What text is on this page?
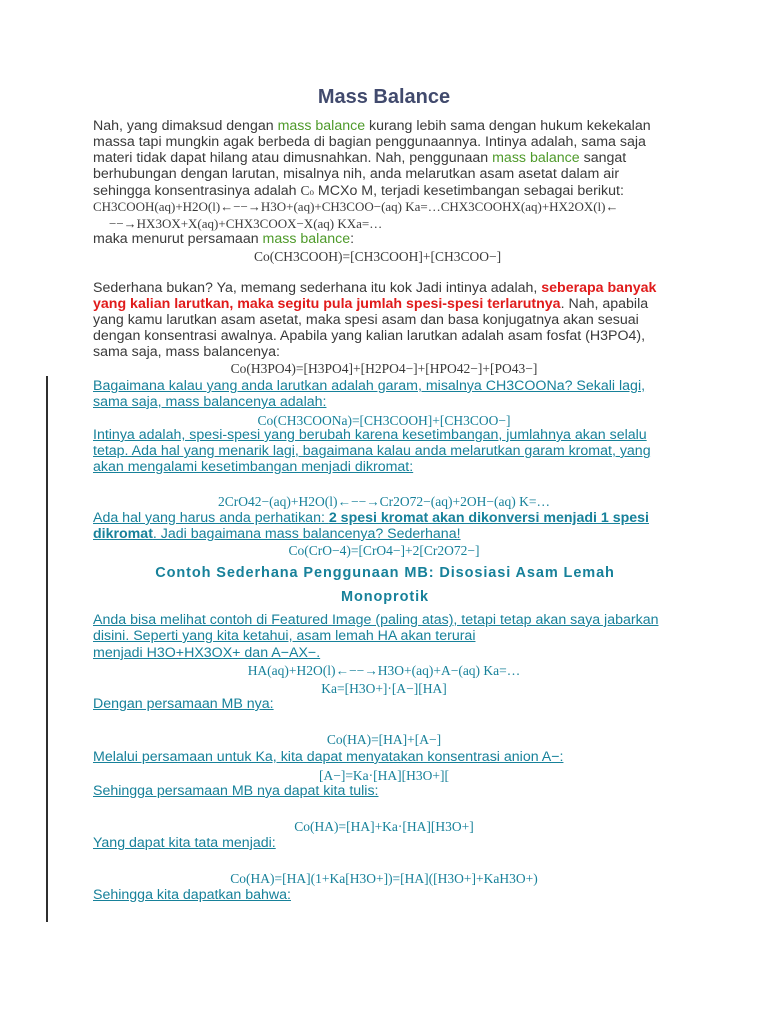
Mass Balance

Nah, yang dimaksud dengan mass balance kurang lebih sama dengan hukum kekekalan massa tapi mungkin agak berbeda di bagian penggunaannya. Intinya adalah, sama saja materi tidak dapat hilang atau dimusnahkan. Nah, penggunaan mass balance sangat berhubungan dengan larutan, misalnya nih, anda melarutkan asam asetat dalam air sehingga konsentrasinya adalah Co MCXo M, terjadi kesetimbangan sebagai berikut:

CH3COOH(aq)+H2O(l)←−−→H3O+(aq)+CH3COO−(aq) Ka=…CHX3COOHX(aq)+HX2OX(l)←
−−→HX3OX+X(aq)+CHX3COOX−X(aq) KXa=…
maka menurut persamaan mass balance:
Co(CH3COOH)=[CH3COOH]+[CH3COO−]

Sederhana bukan? Ya, memang sederhana itu kok Jadi intinya adalah, seberapa banyak yang kalian larutkan, maka segitu pula jumlah spesi-spesi terlarutnya. Nah, apabila yang kamu larutkan asam asetat, maka spesi asam dan basa konjugatnya akan sesuai dengan konsentrasi awalnya. Apabila yang kalian larutkan adalah asam fosfat (H3PO4), sama saja, mass balancenya:

Co(H3PO4)=[H3PO4]+[H2PO4−]+[HPO42−]+[PO43−]

Bagaimana kalau yang anda larutkan adalah garam, misalnya CH3COONa? Sekali lagi, sama saja, mass balancenya adalah:

Co(CH3COONa)=[CH3COOH]+[CH3COO−]

Intinya adalah, spesi-spesi yang berubah karena kesetimbangan, jumlahnya akan selalu tetap. Ada hal yang menarik lagi, bagaimana kalau anda melarutkan garam kromat, yang akan mengalami kesetimbangan menjadi dikromat:

2CrO42−(aq)+H2O(l)←−−→Cr2O72−(aq)+2OH−(aq) K=…

Ada hal yang harus anda perhatikan: 2 spesi kromat akan dikonversi menjadi 1 spesi dikromat. Jadi bagaimana mass balancenya? Sederhana!

Co(CrO−4)=[CrO4−]+2[Cr2O72−]
Contoh Sederhana Penggunaan MB: Disosiasi Asam Lemah Monoprotik

Anda bisa melihat contoh di Featured Image (paling atas), tetapi tetap akan saya jabarkan disini. Seperti yang kita ketahui, asam lemah HA akan terurai

menjadi H3O+HX3OX+ dan A−AX−.
HA(aq)+H2O(l)←−−→H3O+(aq)+A−(aq) Ka=…
Ka=[H3O+]·[A−][HA]
Dengan persamaan MB nya:
Co(HA)=[HA]+[A−]
Melalui persamaan untuk Ka, kita dapat menyatakan konsentrasi anion A−:
[A−]=Ka·[HA][H3O+][
Sehingga persamaan MB nya dapat kita tulis:
Co(HA)=[HA]+Ka·[HA][H3O+]
Yang dapat kita tata menjadi:
Co(HA)=[HA](1+Ka[H3O+])=[HA]([H3O+]+KaH3O+)
Sehingga kita dapatkan bahwa:
